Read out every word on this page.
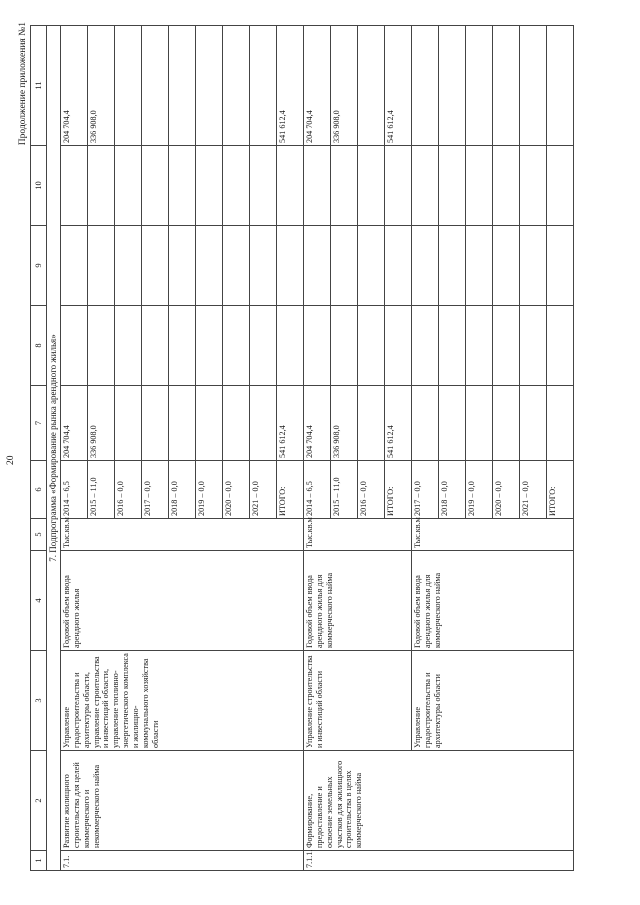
20
Продолжение приложения №1
1	2	3	4	5	6	7	8	9	10	11
7. Подпрограмма «Формирование рынка арендного жилья»										
7.1.	Развитие жилищного строительства для целей коммерческого и некоммерческого найма	Управление градостроительства и архитектуры области, управление строительства и инвестиций области, управление топливно-энергетического комплекса и жилищно-коммунального хозяйства области	Годовой объем ввода арендного жилья	Тыс.кв.м	2014 – 6,5	204 704,4				204 704,4
					2015 – 11,0	336 908,0				336 908,0
					2016 – 0,0					
					2017 – 0,0					
					2018 – 0,0					
					2019 – 0,0					
					2020 – 0,0					
					2021 – 0,0					
					ИТОГО:	541 612,4				541 612,4
7.1.1.	Формирование, предоставление и освоение земельных участков для жилищного строительства в целях коммерческого найма	Управление строительства и инвестиций области	Годовой объем ввода арендного жилья для коммерческого найма	Тыс.кв.м	2014 – 6,5	204 704,4				204 704,4
					2015 – 11,0	336 908,0				336 908,0
					2016 – 0,0					
					ИТОГО:	541 612,4				541 612,4
		Управление градостроительства и архитектуры области	Годовой объем ввода арендного жилья для коммерческого найма	Тыс.кв.м	2017 – 0,0					
					2018 – 0,0					
					2019 – 0,0					
					2020 – 0,0					
					2021 – 0,0					
					ИТОГО:					
